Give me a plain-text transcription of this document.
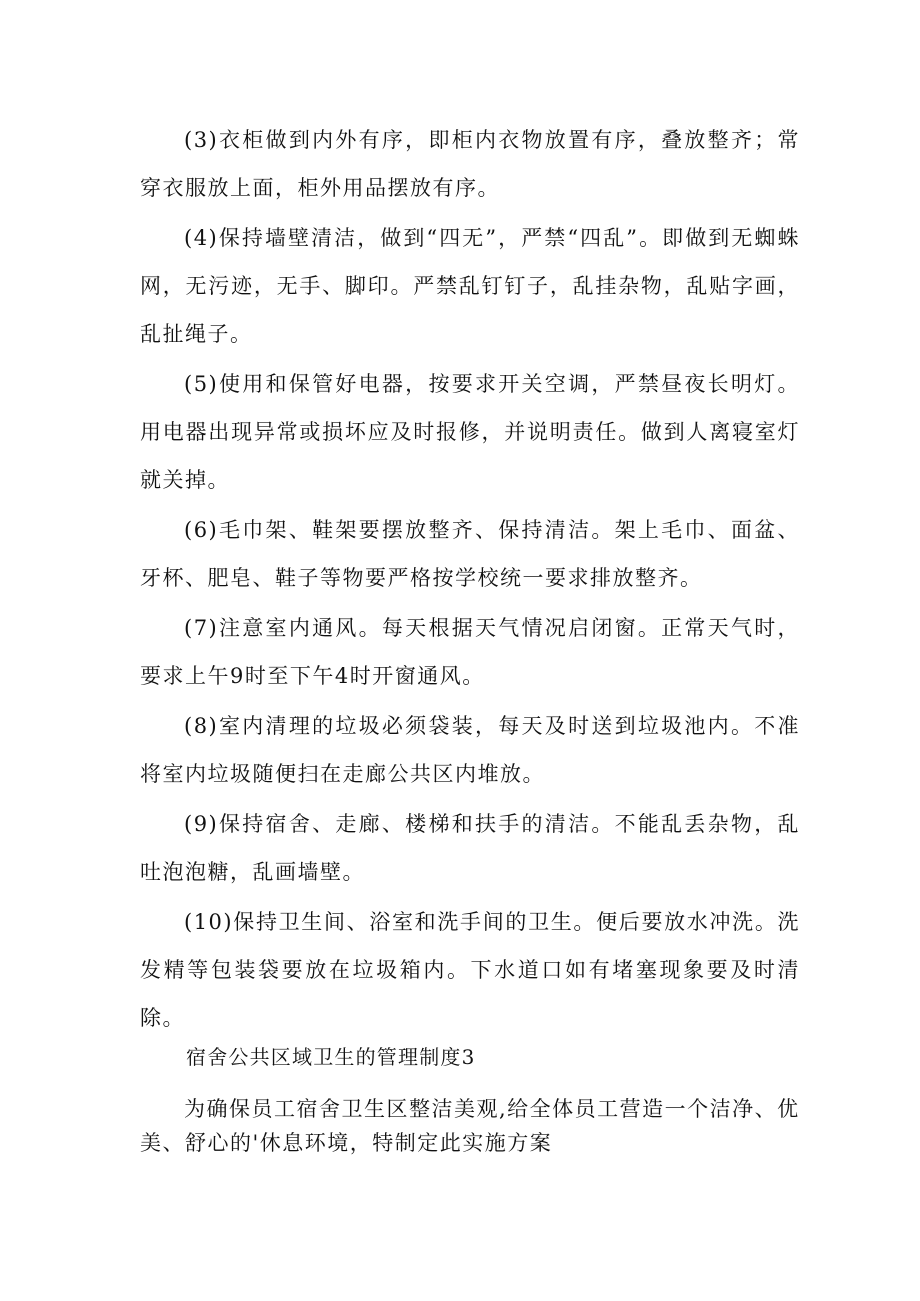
(3)衣柜做到内外有序，即柜内衣物放置有序，叠放整齐；常穿衣服放上面，柜外用品摆放有序。

(4)保持墙壁清洁，做到“四无”，严禁“四乱”。即做到无蜘蛛网，无污迹，无手、脚印。严禁乱钉钉子，乱挂杂物，乱贴字画，乱扯绳子。

(5)使用和保管好电器，按要求开关空调，严禁昼夜长明灯。用电器出现异常或损坏应及时报修，并说明责任。做到人离寝室灯就关掉。

(6)毛巾架、鞋架要摆放整齐、保持清洁。架上毛巾、面盆、牙杯、肥皂、鞋子等物要严格按学校统一要求排放整齐。

(7)注意室内通风。每天根据天气情况启闭窗。正常天气时，要求上午9时至下午4时开窗通风。

(8)室内清理的垃圾必须袋装，每天及时送到垃圾池内。不准将室内垃圾随便扫在走廊公共区内堆放。

(9)保持宿舍、走廊、楼梯和扶手的清洁。不能乱丢杂物，乱吐泡泡糖，乱画墙壁。

(10)保持卫生间、浴室和洗手间的卫生。便后要放水冲洗。洗发精等包装袋要放在垃圾箱内。下水道口如有堵塞现象要及时清除。

宿舍公共区域卫生的管理制度3

为确保员工宿舍卫生区整洁美观,给全体员工营造一个洁净、优美、舒心的'休息环境，特制定此实施方案
